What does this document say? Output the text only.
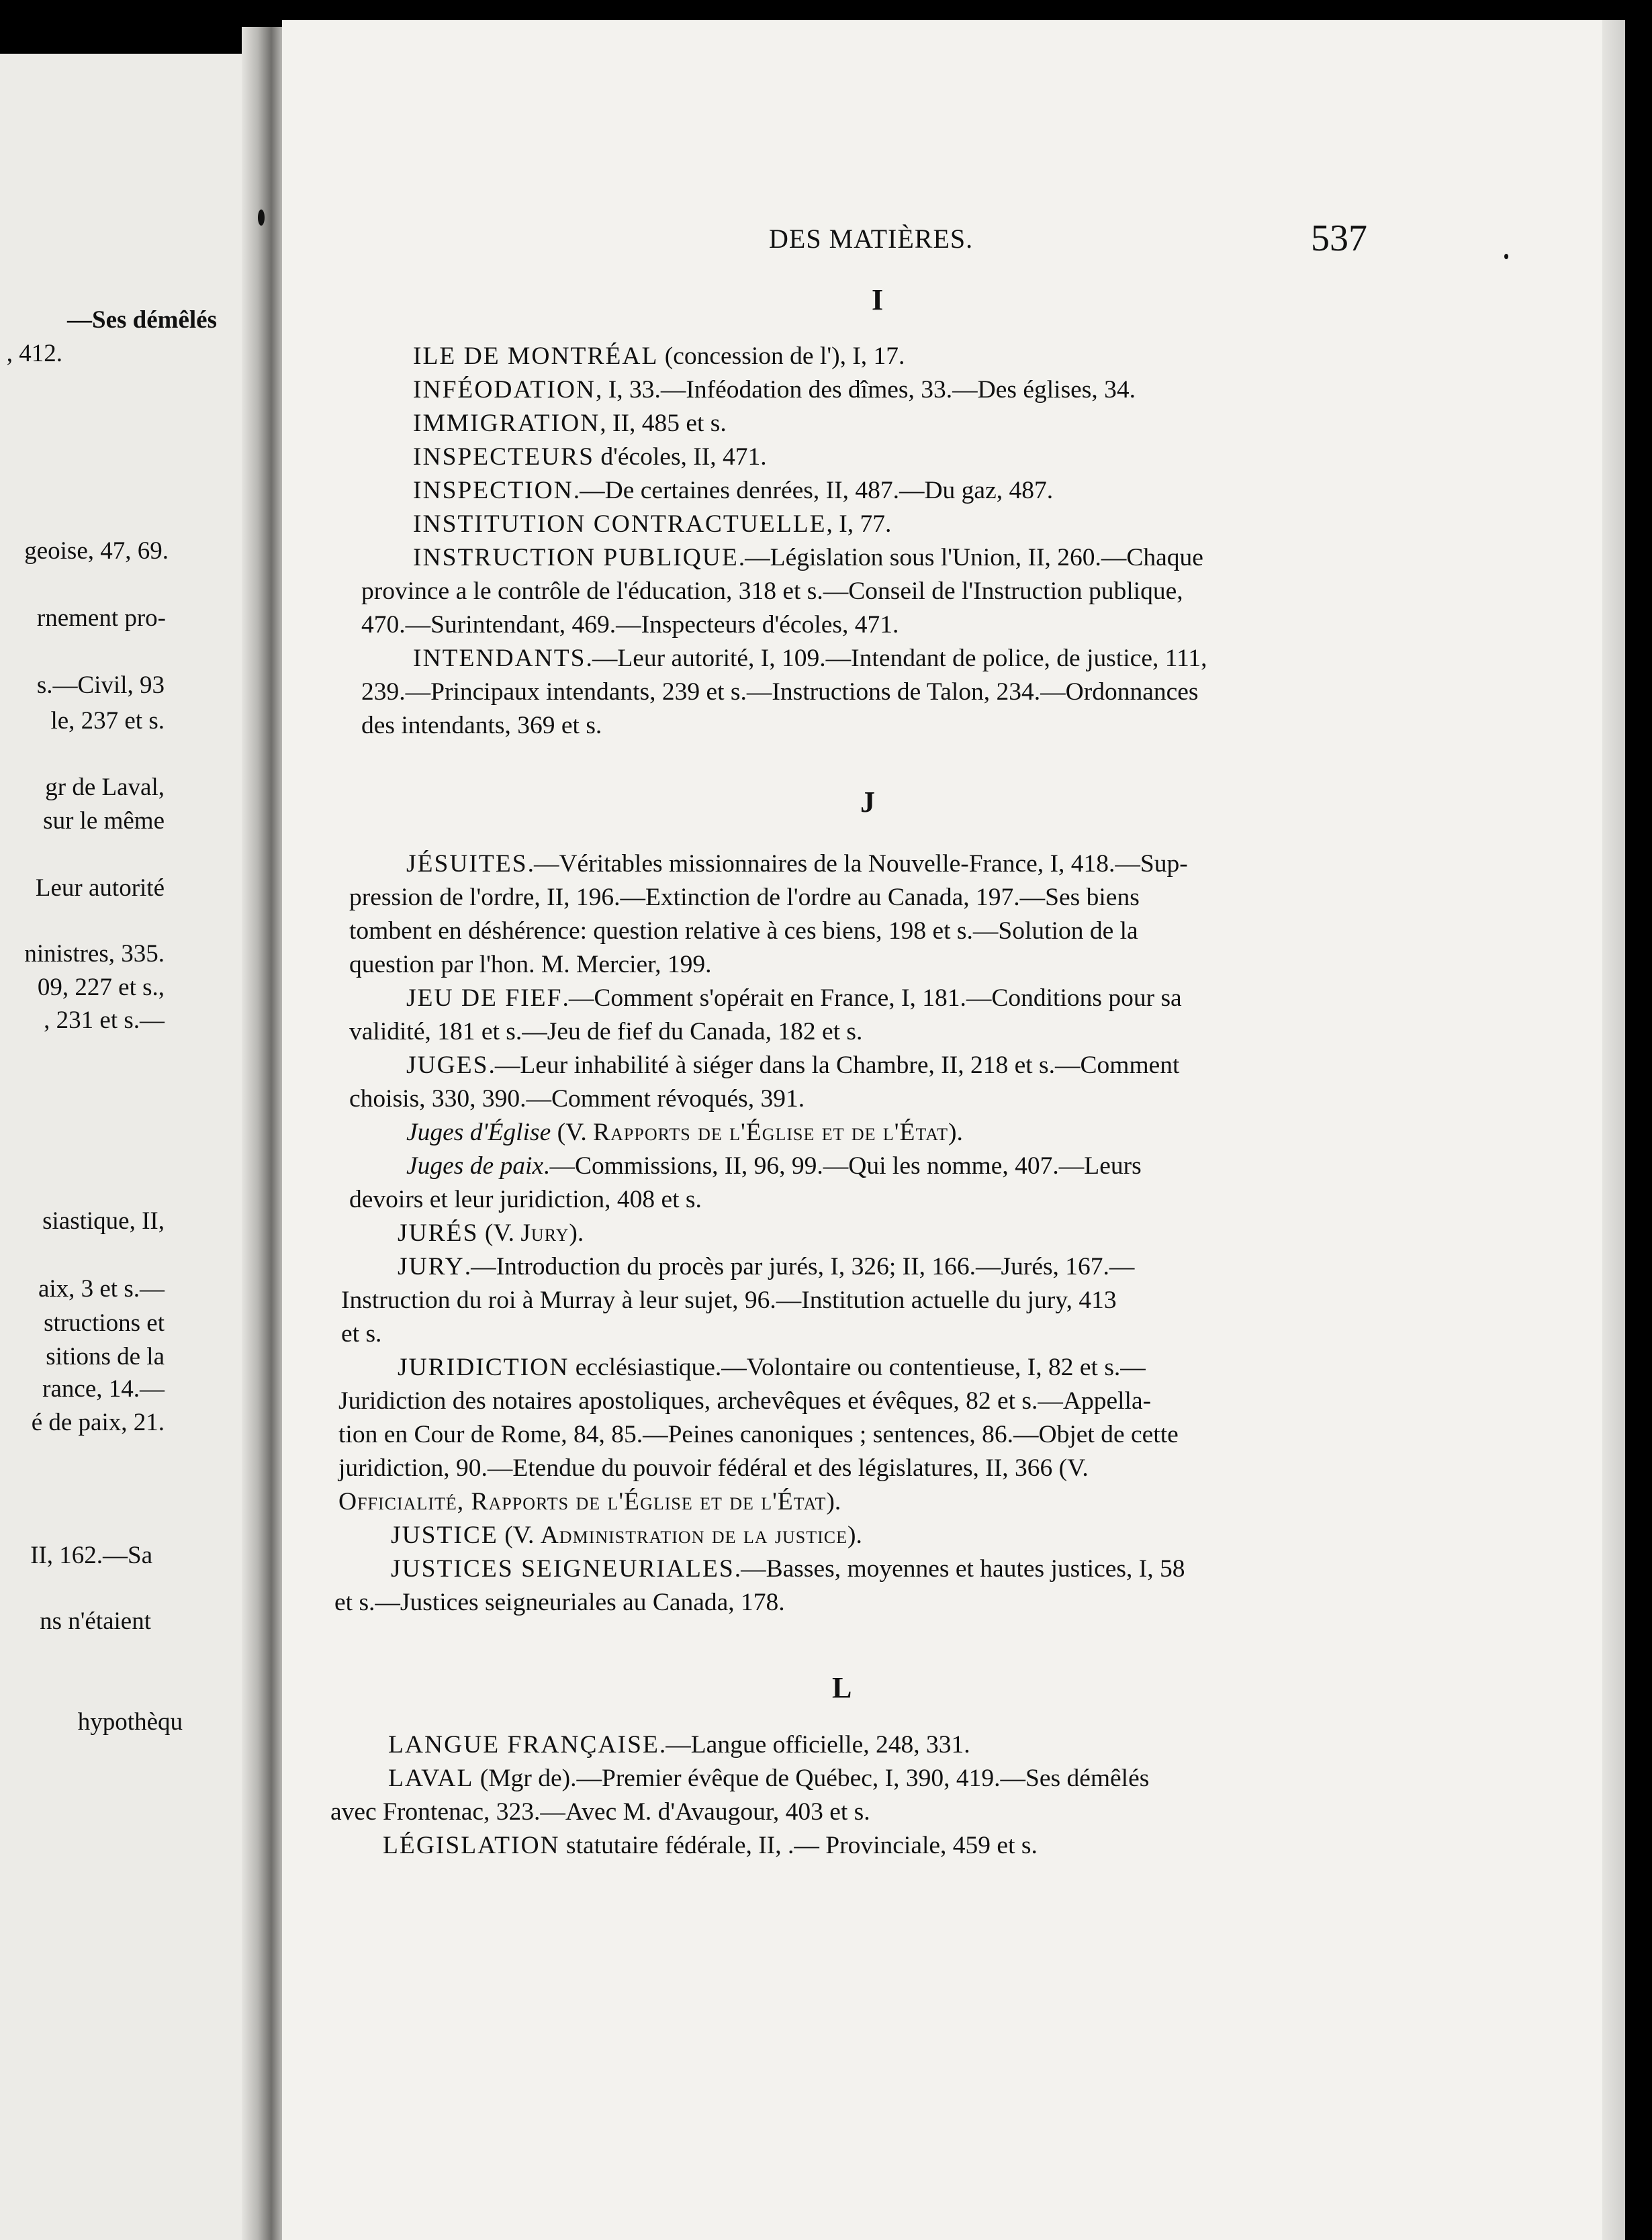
—Ses démêlés
, 412.
geoise, 47, 69.
rnement pro-
s.—Civil, 93
le, 237 et s.
gr de Laval,
sur le même
Leur autorité
ninistres, 335.
09, 227 et s.,
, 231 et s.—
siastique, II,
aix, 3 et s.—
structions et
sitions de la
rance, 14.—
é de paix, 21.
II, 162.—Sa
ns n'étaient
hypothèqu
DES MATIÈRES.	537
I
ILE DE MONTRÉAL (concession de l'), I, 17.
INFÉODATION, I, 33.—Inféodation des dîmes, 33.—Des églises, 34.
IMMIGRATION, II, 485 et s.
INSPECTEURS d'écoles, II, 471.
INSPECTION.—De certaines denrées, II, 487.—Du gaz, 487.
INSTITUTION CONTRACTUELLE, I, 77.
INSTRUCTION PUBLIQUE.—Législation sous l'Union, II, 260.—Chaque
province a le contrôle de l'éducation, 318 et s.—Conseil de l'Instruction publique,
470.—Surintendant, 469.—Inspecteurs d'écoles, 471.
INTENDANTS.—Leur autorité, I, 109.—Intendant de police, de justice, 111,
239.—Principaux intendants, 239 et s.—Instructions de Talon, 234.—Ordonnances
des intendants, 369 et s.
J
JÉSUITES.—Véritables missionnaires de la Nouvelle-France, I, 418.—Sup-
pression de l'ordre, II, 196.—Extinction de l'ordre au Canada, 197.—Ses biens
tombent en déshérence: question relative à ces biens, 198 et s.—Solution de la
question par l'hon. M. Mercier, 199.
JEU DE FIEF.—Comment s'opérait en France, I, 181.—Conditions pour sa
validité, 181 et s.—Jeu de fief du Canada, 182 et s.
JUGES.—Leur inhabilité à siéger dans la Chambre, II, 218 et s.—Comment
choisis, 330, 390.—Comment révoqués, 391.
Juges d'Église (V. Rapports de l'Église et de l'État).
Juges de paix.—Commissions, II, 96, 99.—Qui les nomme, 407.—Leurs
devoirs et leur juridiction, 408 et s.
JURÉS (V. Jury).
JURY.—Introduction du procès par jurés, I, 326; II, 166.—Jurés, 167.—
Instruction du roi à Murray à leur sujet, 96.—Institution actuelle du jury, 413
et s.
JURIDICTION ecclésiastique.—Volontaire ou contentieuse, I, 82 et s.—
Juridiction des notaires apostoliques, archevêques et évêques, 82 et s.—Appella-
tion en Cour de Rome, 84, 85.—Peines canoniques ; sentences, 86.—Objet de cette
juridiction, 90.—Etendue du pouvoir fédéral et des législatures, II, 366 (V.
Officialité, Rapports de l'Église et de l'État).
JUSTICE (V. Administration de la justice).
JUSTICES SEIGNEURIALES.—Basses, moyennes et hautes justices, I, 58
et s.—Justices seigneuriales au Canada, 178.
L
LANGUE FRANÇAISE.—Langue officielle, 248, 331.
LAVAL (Mgr de).—Premier évêque de Québec, I, 390, 419.—Ses démêlés
avec Frontenac, 323.—Avec M. d'Avaugour, 403 et s.
LÉGISLATION statutaire fédérale, II, .— Provinciale, 459 et s.
